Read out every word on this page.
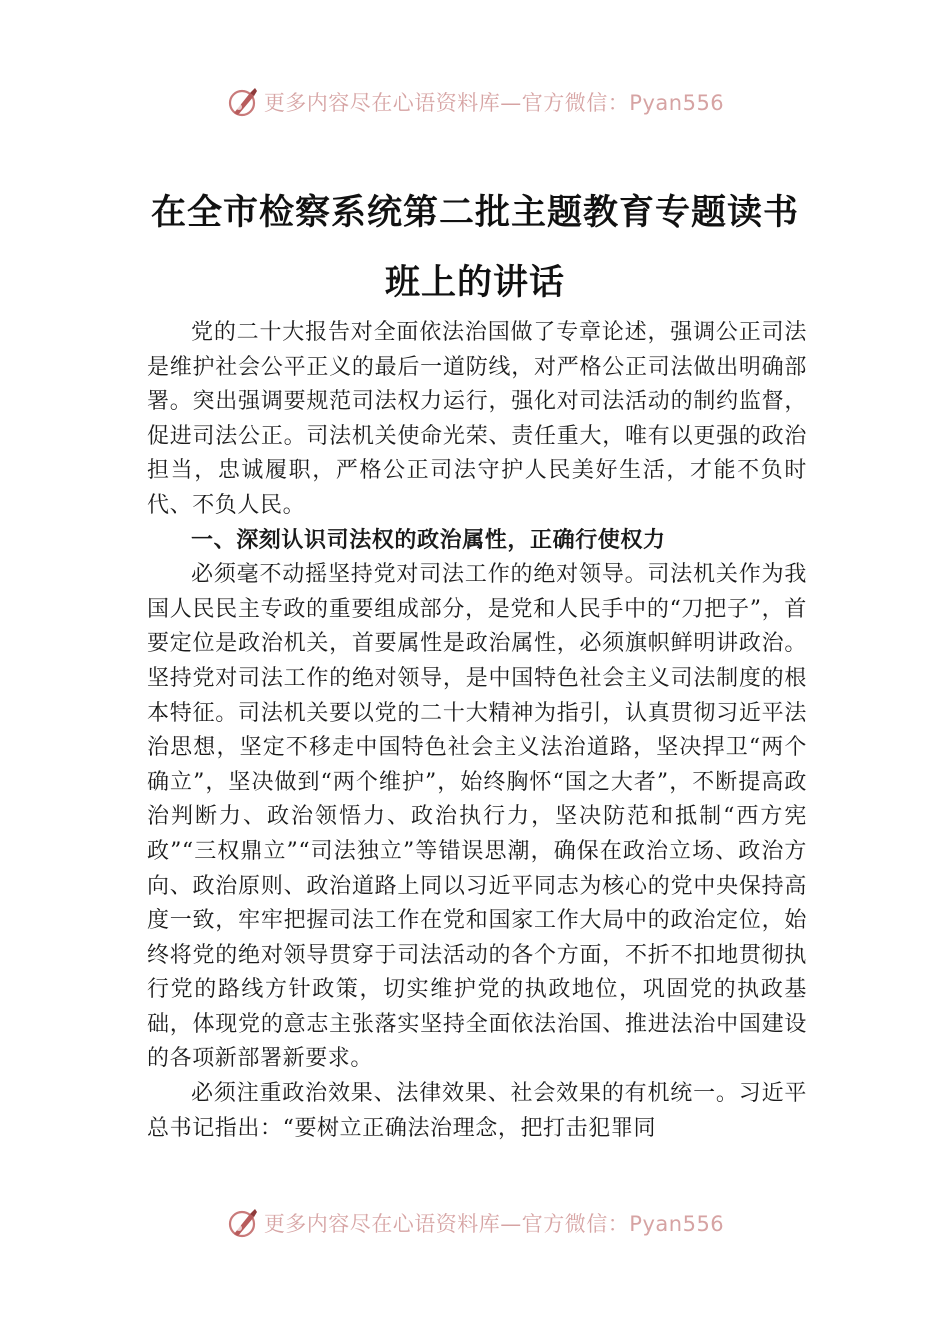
更多内容尽在心语资料库—官方微信：Pyan556
在全市检察系统第二批主题教育专题读书
班上的讲话

党的二十大报告对全面依法治国做了专章论述，强调公正司法是维护社会公平正义的最后一道防线，对严格公正司法做出明确部署。突出强调要规范司法权力运行，强化对司法活动的制约监督，促进司法公正。司法机关使命光荣、责任重大，唯有以更强的政治担当，忠诚履职，严格公正司法守护人民美好生活，才能不负时代、不负人民。

一、深刻认识司法权的政治属性，正确行使权力

必须毫不动摇坚持党对司法工作的绝对领导。司法机关作为我国人民民主专政的重要组成部分，是党和人民手中的“刀把子”，首要定位是政治机关，首要属性是政治属性，必须旗帜鲜明讲政治。坚持党对司法工作的绝对领导，是中国特色社会主义司法制度的根本特征。司法机关要以党的二十大精神为指引，认真贯彻习近平法治思想，坚定不移走中国特色社会主义法治道路，坚决捍卫“两个确立”，坚决做到“两个维护”，始终胸怀“国之大者”，不断提高政治判断力、政治领悟力、政治执行力，坚决防范和抵制“西方宪政”“三权鼎立”“司法独立”等错误思潮，确保在政治立场、政治方向、政治原则、政治道路上同以习近平同志为核心的党中央保持高度一致，牢牢把握司法工作在党和国家工作大局中的政治定位，始终将党的绝对领导贯穿于司法活动的各个方面，不折不扣地贯彻执行党的路线方针政策，切实维护党的执政地位，巩固党的执政基础，体现党的意志主张落实坚持全面依法治国、推进法治中国建设的各项新部署新要求。

必须注重政治效果、法律效果、社会效果的有机统一。习近平总书记指出：“要树立正确法治理念，把打击犯罪同

更多内容尽在心语资料库—官方微信：Pyan556
